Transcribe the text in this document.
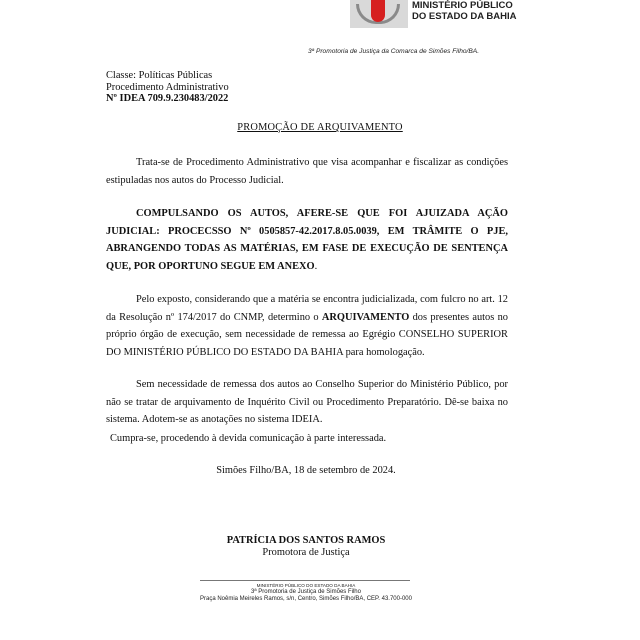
MINISTÉRIO PÚBLICO
DO ESTADO DA BAHIA
3ª Promotoria de Justiça da Comarca de Simões Filho/BA.
Classe: Políticas Públicas
Procedimento Administrativo
Nº IDEA 709.9.230483/2022
PROMOÇÃO DE ARQUIVAMENTO
Trata-se de Procedimento Administrativo que visa acompanhar e fiscalizar as condições estipuladas nos autos do Processo Judicial.
COMPULSANDO OS AUTOS, AFERE-SE QUE FOI AJUIZADA AÇÃO JUDICIAL: PROCECSSO Nº 0505857-42.2017.8.05.0039, EM TRÂMITE O PJE, ABRANGENDO TODAS AS MATÉRIAS, EM FASE DE EXECUÇÃO DE SENTENÇA QUE, POR OPORTUNO SEGUE EM ANEXO.
Pelo exposto, considerando que a matéria se encontra judicializada, com fulcro no art. 12 da Resolução nº 174/2017 do CNMP, determino o ARQUIVAMENTO dos presentes autos no próprio órgão de execução, sem necessidade de remessa ao Egrégio CONSELHO SUPERIOR DO MINISTÉRIO PÚBLICO DO ESTADO DA BAHIA para homologação.
Sem necessidade de remessa dos autos ao Conselho Superior do Ministério Público, por não se tratar de arquivamento de Inquérito Civil ou Procedimento Preparatório. Dê-se baixa no sistema. Adotem-se as anotações no sistema IDEIA.
Cumpra-se, procedendo à devida comunicação à parte interessada.
Simões Filho/BA, 18 de setembro de 2024.
PATRÍCIA DOS SANTOS RAMOS
Promotora de Justiça
MINISTÉRIO PÚBLICO DO ESTADO DA BAHIA
3ª Promotoria de Justiça de Simões Filho
Praça Noêmia Meireles Ramos, s/n, Centro, Simões Filho/BA, CEP. 43.700-000
